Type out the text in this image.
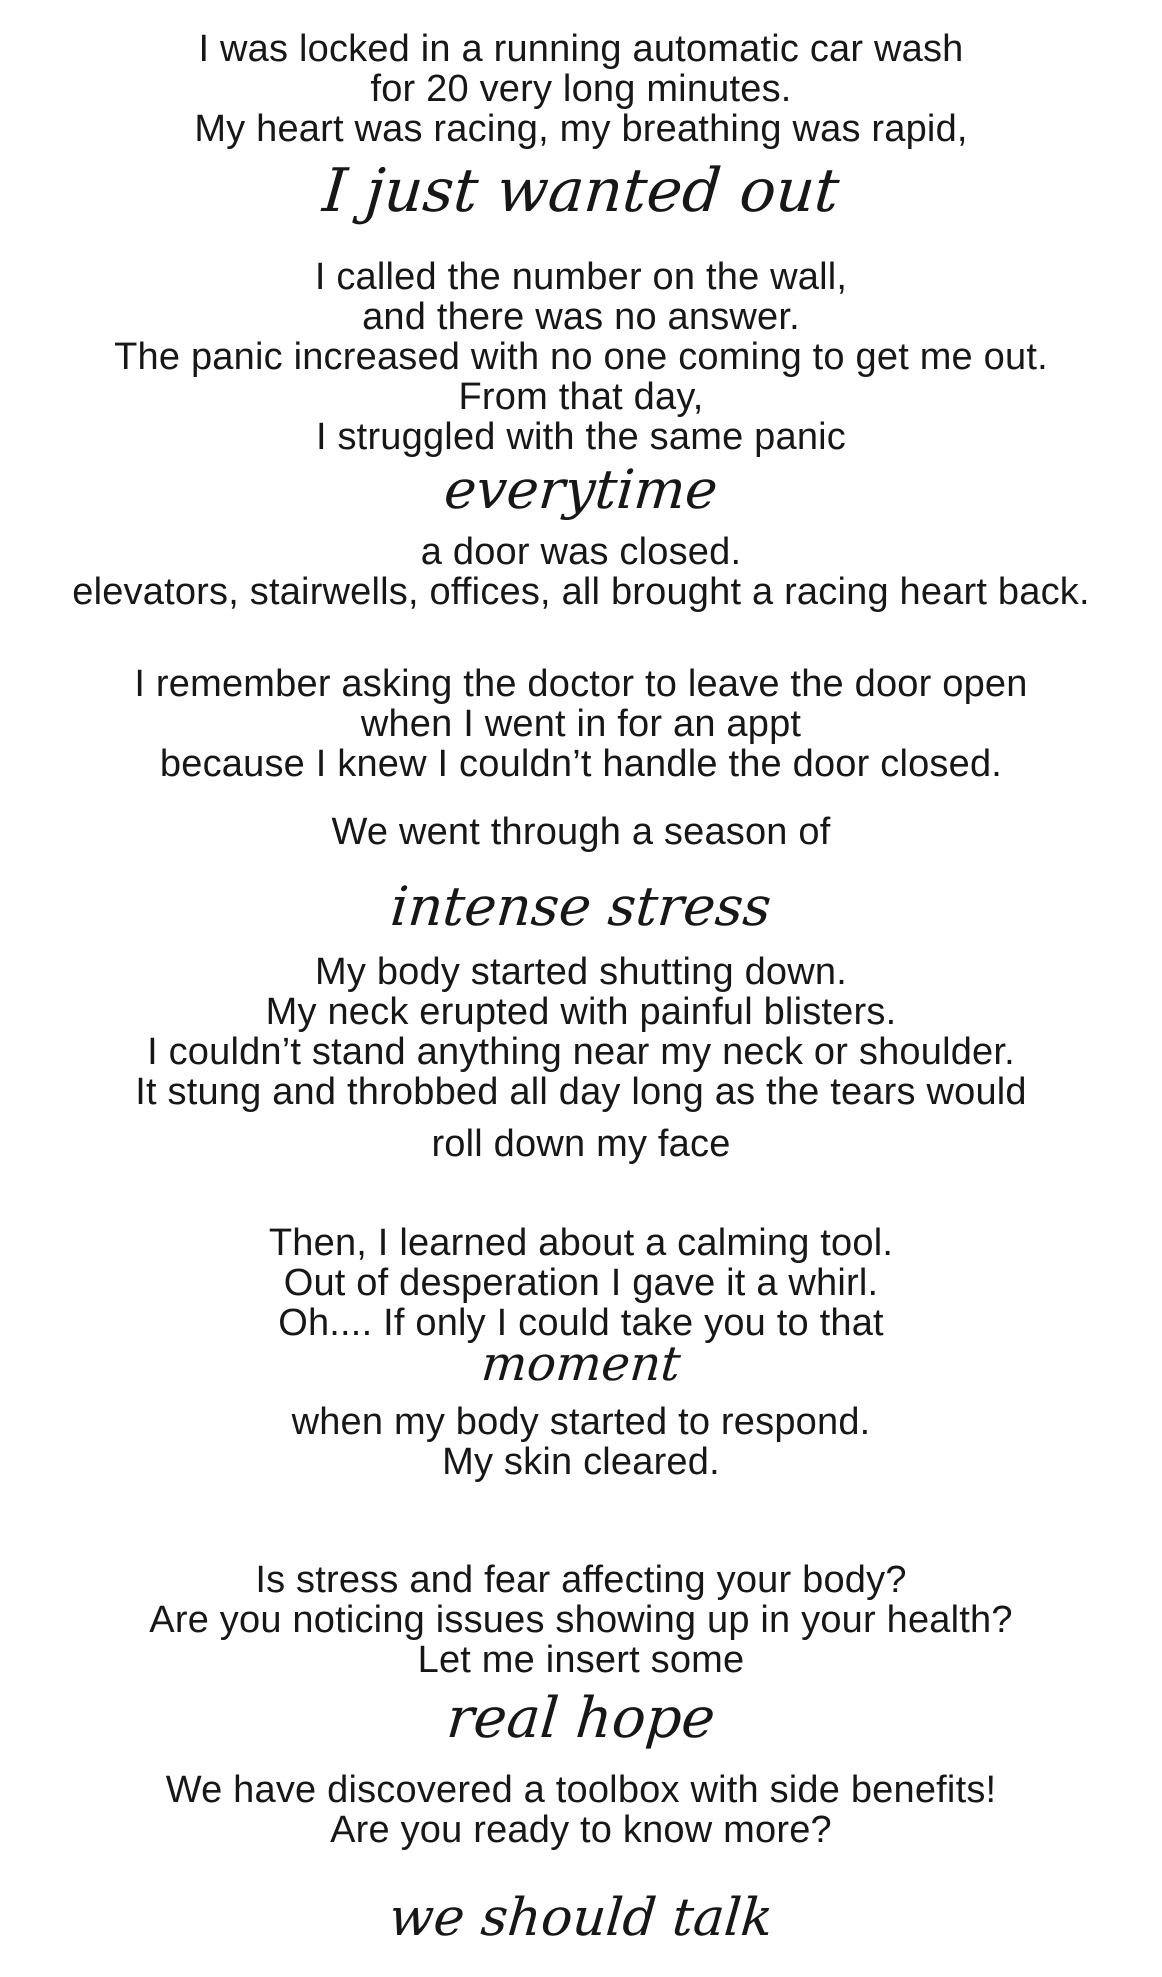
I was locked in a running automatic car wash
for 20 very long minutes.
My heart was racing, my breathing was rapid,
I just wanted out
I called the number on the wall,
and there was no answer.
The panic increased with no one coming to get me out.
From that day,
I struggled with the same panic
everytime
a door was closed.
elevators, stairwells, offices, all brought a racing heart back.
I remember asking the doctor to leave the door open
when I went in for an appt
because I knew I couldn’t handle the door closed.
We went through a season of
intense stress
My body started shutting down.
My neck erupted with painful blisters.
I couldn’t stand anything near my neck or shoulder.
It stung and throbbed all day long as the tears would
roll down my face
Then, I learned about a calming tool.
Out of desperation I gave it a whirl.
Oh.... If only I could take you to that
moment
when my body started to respond.
My skin cleared.
Is stress and fear affecting your body?
Are you noticing issues showing up in your health?
Let me insert some
real hope
We have discovered a toolbox with side benefits!
Are you ready to know more?
we should talk
